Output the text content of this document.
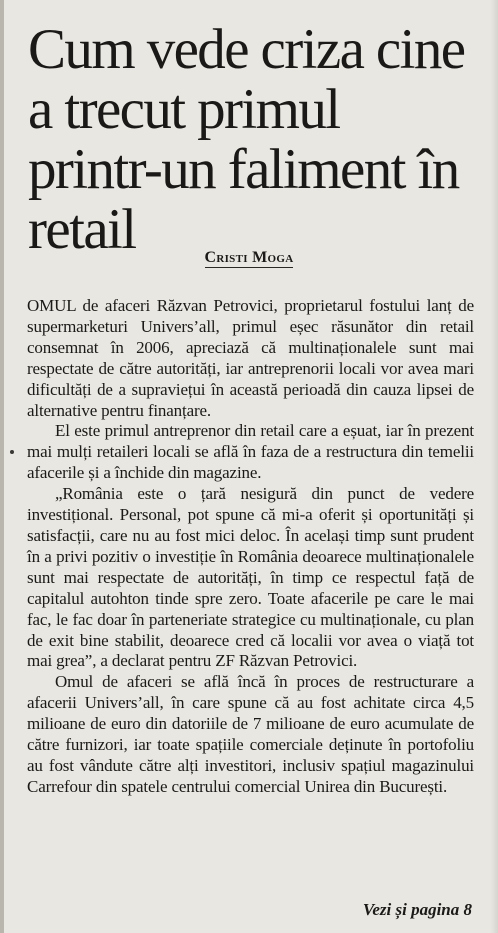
Cum vede criza cine a trecut primul printr-un faliment în retail	Cristi Moga

OMUL de afaceri Răzvan Petrovici, proprietarul fostului lanț de supermarketuri Univers’all, primul eșec răsunător din retail consemnat în 2006, apreciază că multinaționalele sunt mai respectate de către autorități, iar antreprenorii locali vor avea mari dificultăți de a supraviețui în această perioadă din cauza lipsei de alternative pentru finanțare.

El este primul antreprenor din retail care a eșuat, iar în prezent mai mulți retaileri locali se află în faza de a restructura din temelii afacerile și a închide din magazine.

„România este o țară nesigură din punct de vedere investițional. Personal, pot spune că mi-a oferit și oportunități și satisfacții, care nu au fost mici deloc. În același timp sunt prudent în a privi pozitiv o investiție în România deoarece multinaționalele sunt mai respectate de autorități, în timp ce respectul față de capitalul autohton tinde spre zero. Toate afacerile pe care le mai fac, le fac doar în parteneriate strategice cu multinaționale, cu plan de exit bine stabilit, deoarece cred că localii vor avea o viață tot mai grea”, a declarat pentru ZF Răzvan Petrovici.

Omul de afaceri se află încă în proces de restructurare a afacerii Univers’all, în care spune că au fost achitate circa 4,5 milioane de euro din datoriile de 7 milioane de euro acumulate de către furnizori, iar toate spațiile comerciale deținute în portofoliu au fost vândute către alți investitori, inclusiv spațiul magazinului Carrefour din spatele centrului comercial Unirea din București.

Vezi și pagina 8
